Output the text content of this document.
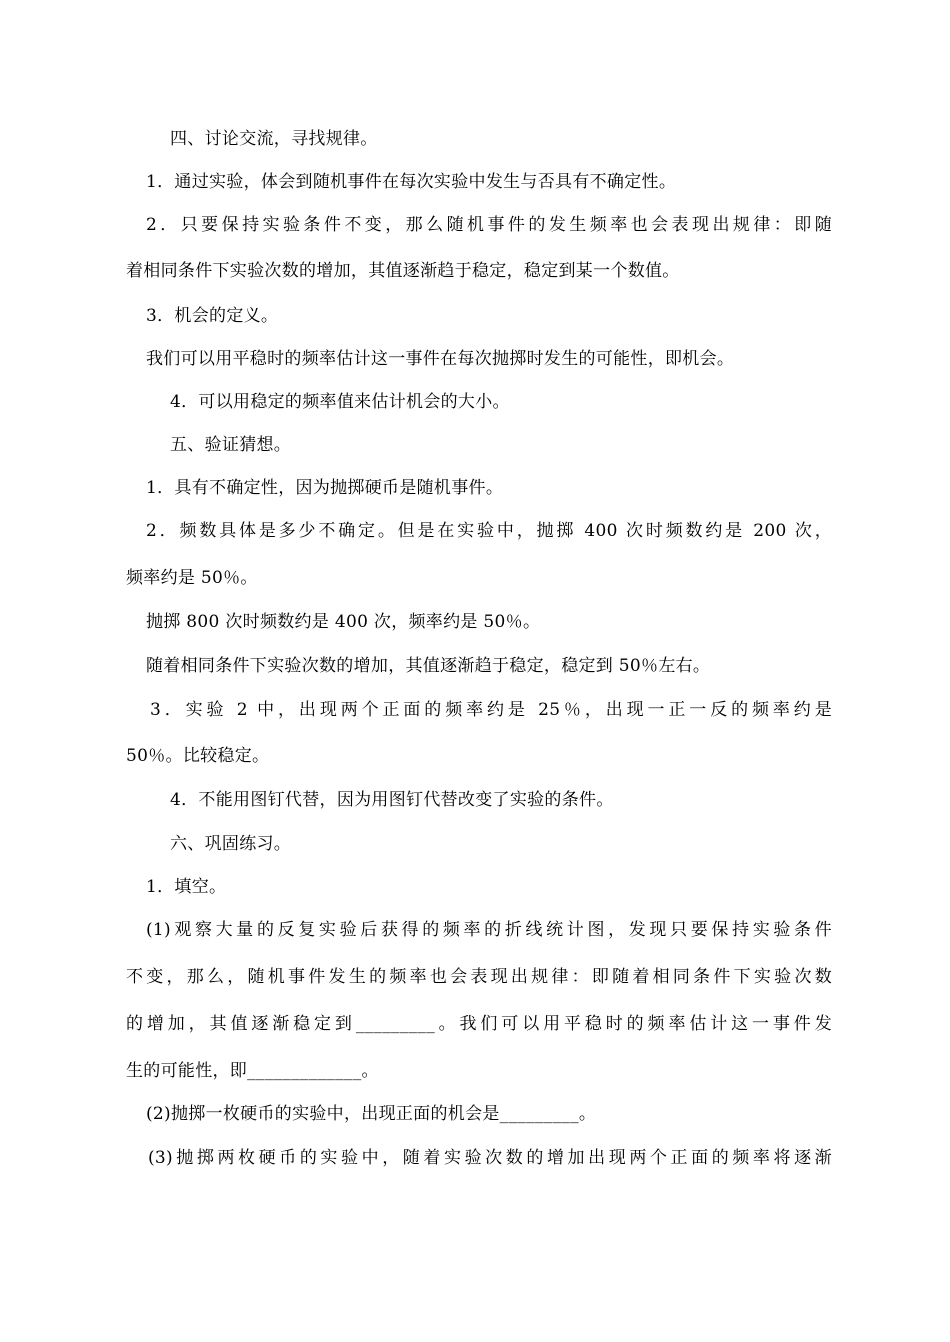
四、讨论交流，寻找规律。
1．通过实验，体会到随机事件在每次实验中发生与否具有不确定性。
2．只要保持实验条件不变，那么随机事件的发生频率也会表现出规律：即随
着相同条件下实验次数的增加，其值逐渐趋于稳定，稳定到某一个数值。
3．机会的定义。
我们可以用平稳时的频率估计这一事件在每次抛掷时发生的可能性，即机会。
4．可以用稳定的频率值来估计机会的大小。
五、验证猜想。
1．具有不确定性，因为抛掷硬币是随机事件。
2．频数具体是多少不确定。但是在实验中，抛掷 400 次时频数约是 200 次，
频率约是 50％。
抛掷 800 次时频数约是 400 次，频率约是 50％。
随着相同条件下实验次数的增加，其值逐渐趋于稳定，稳定到 50％左右。
3．实验 2 中，出现两个正面的频率约是 25％，出现一正一反的频率约是
50％。比较稳定。
4．不能用图钉代替，因为用图钉代替改变了实验的条件。
六、巩固练习。
1．填空。
(1)观察大量的反复实验后获得的频率的折线统计图，发现只要保持实验条件
不变，那么，随机事件发生的频率也会表现出规律：即随着相同条件下实验次数
的增加，其值逐渐稳定到_________。我们可以用平稳时的频率估计这一事件发
生的可能性，即_____________。
(2)抛掷一枚硬币的实验中，出现正面的机会是_________。
(3)抛掷两枚硬币的实验中，随着实验次数的增加出现两个正面的频率将逐渐
